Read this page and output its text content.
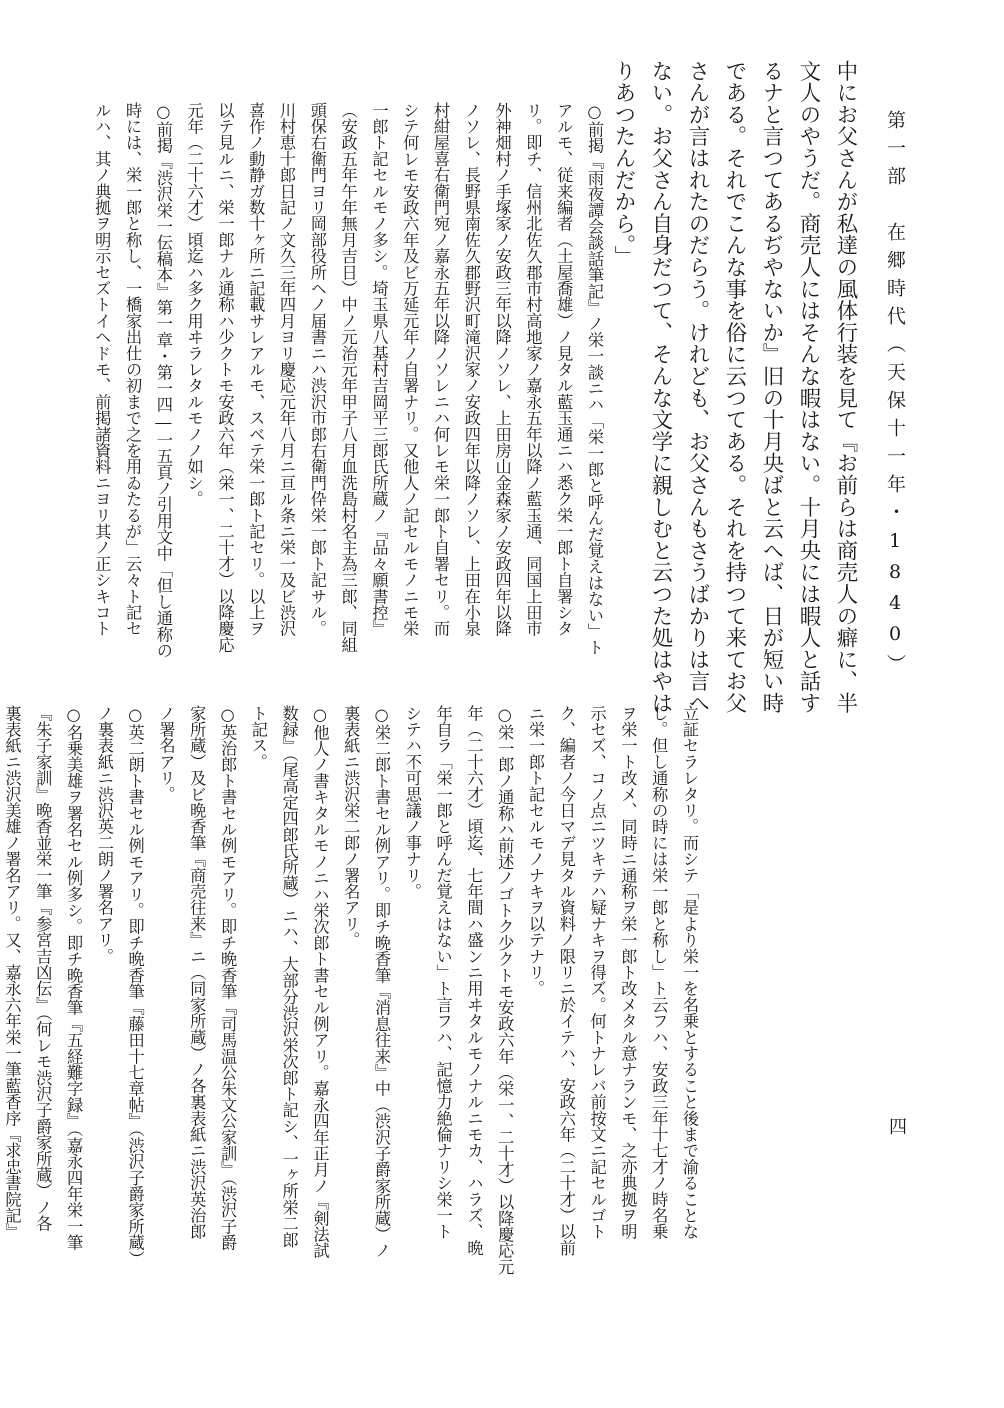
第一部　在郷時代（天保十一年・1840）

中にお父さんが私達の風体行装を見て『お前らは商売人の癖に、半

文人のやうだ。商売人にはそんな暇はない。十月央には暇人と話す

るナと言つてあるぢやないか』旧の十月央ばと云へば、日が短い時

である。それでこんな事を俗に云つてある。それを持つて来てお父

さんが言はれたのだらう。けれども、お父さんもさうばかりは言へ

ない。お父さん自身だつて、そんな文学に親しむと云つた処はやは

りあつたんだから。」

○前掲『雨夜譚会談話筆記』ノ栄一談ニハ「栄一郎と呼んだ覚えはない」ト

アルモ、従来編者（土屋喬雄）ノ見タル藍玉通ニハ悉ク栄一郎ト自署シタ

リ。即チ、信州北佐久郡市村高地家ノ嘉永五年以降ノ藍玉通、同国上田市

外神畑村ノ手塚家ノ安政三年以降ノソレ、上田房山金森家ノ安政四年以降

ノソレ、長野県南佐久郡野沢町滝沢家ノ安政四年以降ノソレ、上田在小泉

村紺屋喜右衛門宛ノ嘉永五年以降ノソレニハ何レモ栄一郎ト自署セリ。而

シテ何レモ安政六年及ビ万延元年ノ自署ナリ。又他人ノ記セルモノニモ栄

一郎ト記セルモノ多シ。埼玉県八基村吉岡平三郎氏所蔵ノ『品々願書控』

（安政五年午年無月吉日）中ノ元治元年甲子八月血洗島村名主為三郎、同組

頭保右衛門ヨリ岡部役所ヘノ届書ニハ渋沢市郎右衛門伜栄一郎ト記サル。

川村恵十郎日記ノ文久三年四月ヨリ慶応元年八月ニ亘ル条ニ栄一及ビ渋沢

喜作ノ動静ガ数十ヶ所ニ記載サレアルモ、スベテ栄一郎ト記セリ。以上ヲ

以テ見ルニ、栄一郎ナル通称ハ少クトモ安政六年（栄一、二十才）以降慶応

元年（二十六才）頃迄ハ多ク用ヰラレタルモノノ如シ。

○前掲『渋沢栄一伝稿本』第一章・第一四―一五頁ノ引用文中「但し通称の

時には、栄一郎と称し、一橋家出仕の初まで之を用ゐたるが」云々ト記セ

ルハ、其ノ典拠ヲ明示セズトイヘドモ、前掲諸資料ニヨリ其ノ正シキコト

立証セラレタリ。而シテ「是より栄一を名乗とすること後まで渝ることな

し。但し通称の時には栄一郎と称し」ト云フハ、安政三年十七才ノ時名乗

ヲ栄一ト改メ、同時ニ通称ヲ栄一郎ト改メタル意ナランモ、之亦典拠ヲ明

示セズ、コノ点ニツキテハ疑ナキヲ得ズ。何トナレバ前按文ニ記セルゴト

ク、編者ノ今日マデ見タル資料ノ限リニ於イテハ、安政六年（二十才）以前

ニ栄一郎ト記セルモノナキヲ以テナリ。

○栄一郎ノ通称ハ前述ノゴトク少クトモ安政六年（栄一、二十才）以降慶応元

年（二十六才）頃迄、七年間ハ盛ンニ用ヰタルモノナルニモカ、ハラズ、晩

年自ラ「栄一郎と呼んだ覚えはない」ト言フハ、記憶力絶倫ナリシ栄一ト

シテハ不可思議ノ事ナリ。

○栄二郎ト書セル例アリ。即チ晩香筆『消息往来』中（渋沢子爵家所蔵）ノ

裏表紙ニ渋沢栄二郎ノ署名アリ。

○他人ノ書キタルモノニハ栄次郎ト書セル例アリ。嘉永四年正月ノ『剣法試

数録』（尾高定四郎氏所蔵）ニハ、大部分渋沢栄次郎ト記シ、一ヶ所栄二郎

ト記ス。

○英治郎ト書セル例モアリ。即チ晩香筆『司馬温公朱文公家訓』（渋沢子爵

家所蔵）及ビ晩香筆『商売往来』ニ（同家所蔵）ノ各裏表紙ニ渋沢英治郎

ノ署名アリ。

○英二朗ト書セル例モアリ。即チ晩香筆『藤田十七章帖』（渋沢子爵家所蔵）

ノ裏表紙ニ渋沢英二朗ノ署名アリ。

○名乗美雄ヲ署名セル例多シ。即チ晩香筆『五経難字録』（嘉永四年栄一筆

『朱子家訓』晩香並栄一筆『参宮吉凶伝』（何レモ渋沢子爵家所蔵）ノ各

裏表紙ニ渋沢美雄ノ署名アリ。又、嘉永六年栄一筆藍香序『求忠書院記』	四
